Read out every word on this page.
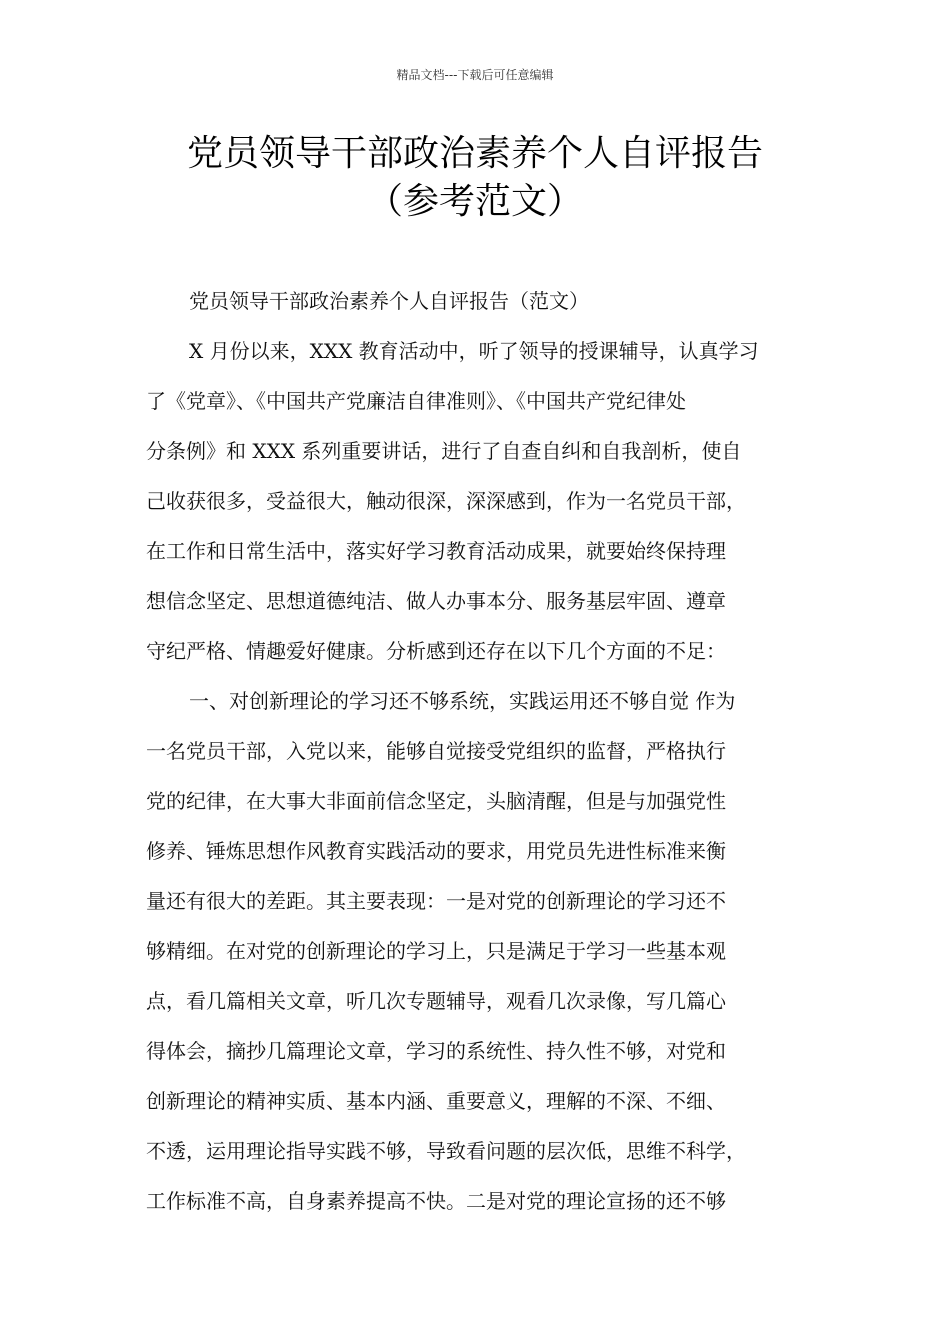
精品文档---下载后可任意编辑
党员领导干部政治素养个人自评报告
（参考范文）
党员领导干部政治素养个人自评报告（范文）
X 月份以来，XXX 教育活动中，听了领导的授课辅导，认真学习
了《党章》、《中国共产党廉洁自律准则》、《中国共产党纪律处
分条例》和 XXX 系列重要讲话，进行了自查自纠和自我剖析，使自
己收获很多，受益很大，触动很深，深深感到，作为一名党员干部，
在工作和日常生活中，落实好学习教育活动成果，就要始终保持理
想信念坚定、思想道德纯洁、做人办事本分、服务基层牢固、遵章
守纪严格、情趣爱好健康。分析感到还存在以下几个方面的不足：
一、对创新理论的学习还不够系统，实践运用还不够自觉 作为
一名党员干部，入党以来，能够自觉接受党组织的监督，严格执行
党的纪律，在大事大非面前信念坚定，头脑清醒，但是与加强党性
修养、锤炼思想作风教育实践活动的要求，用党员先进性标准来衡
量还有很大的差距。其主要表现：一是对党的创新理论的学习还不
够精细。在对党的创新理论的学习上，只是满足于学习一些基本观
点，看几篇相关文章，听几次专题辅导，观看几次录像，写几篇心
得体会，摘抄几篇理论文章，学习的系统性、持久性不够，对党和
创新理论的精神实质、基本内涵、重要意义，理解的不深、不细、
不透，运用理论指导实践不够，导致看问题的层次低，思维不科学，
工作标准不高，自身素养提高不快。二是对党的理论宣扬的还不够
